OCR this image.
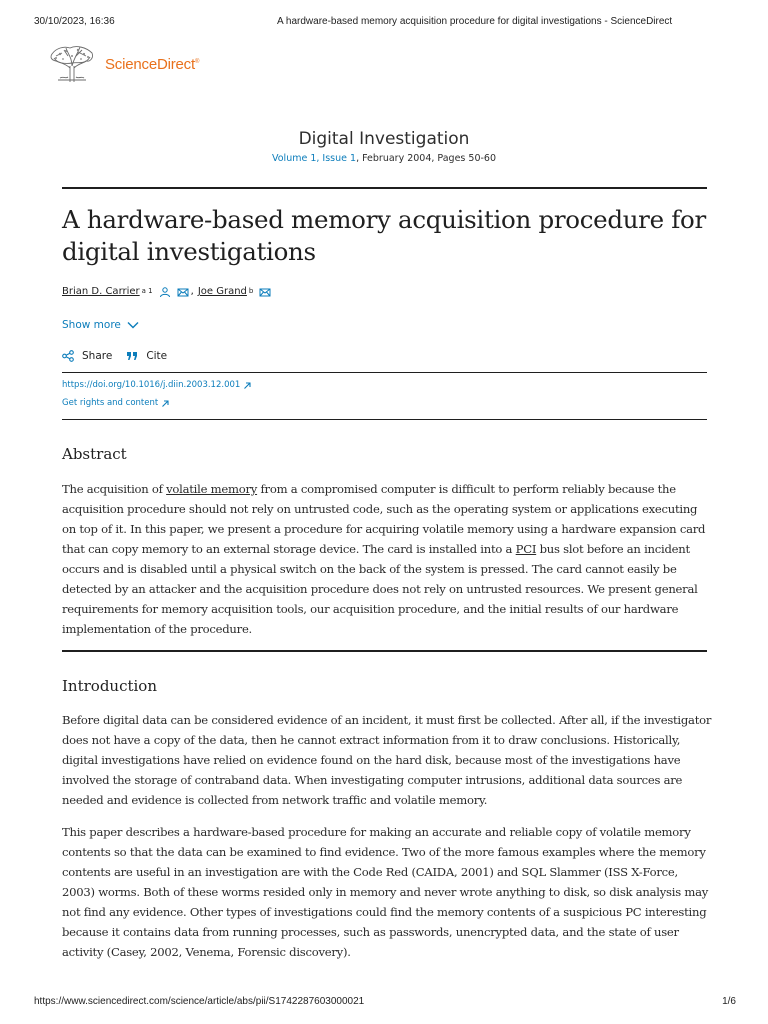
30/10/2023, 16:36	A hardware-based memory acquisition procedure for digital investigations - ScienceDirect
ScienceDirect®
Digital Investigation
Volume 1, Issue 1, February 2004, Pages 50-60
A hardware-based memory acquisition procedure for digital investigations
Brian D. Carrier $^{a 1}$	, Joe Grand $^b$
Show more
Share	Cite
https://doi.org/10.1016/j.diin.2003.12.001
Get rights and content
Abstract

The acquisition of volatile memory from a compromised computer is difficult to perform reliably because the acquisition procedure should not rely on untrusted code, such as the operating system or applications executing on top of it. In this paper, we present a procedure for acquiring volatile memory using a hardware expansion card that can copy memory to an external storage device. The card is installed into a PCI bus slot before an incident occurs and is disabled until a physical switch on the back of the system is pressed. The card cannot easily be detected by an attacker and the acquisition procedure does not rely on untrusted resources. We present general requirements for memory acquisition tools, our acquisition procedure, and the initial results of our hardware implementation of the procedure.

Introduction

Before digital data can be considered evidence of an incident, it must first be collected. After all, if the investigator does not have a copy of the data, then he cannot extract information from it to draw conclusions. Historically, digital investigations have relied on evidence found on the hard disk, because most of the investigations have involved the storage of contraband data. When investigating computer intrusions, additional data sources are needed and evidence is collected from network traffic and volatile memory.

This paper describes a hardware-based procedure for making an accurate and reliable copy of volatile memory contents so that the data can be examined to find evidence. Two of the more famous examples where the memory contents are useful in an investigation are with the Code Red (CAIDA, 2001) and SQL Slammer (ISS X-Force, 2003) worms. Both of these worms resided only in memory and never wrote anything to disk, so disk analysis may not find any evidence. Other types of investigations could find the memory contents of a suspicious PC interesting because it contains data from running processes, such as passwords, unencrypted data, and the state of user activity (Casey, 2002, Venema, Forensic discovery).

https://www.sciencedirect.com/science/article/abs/pii/S1742287603000021	1/6
